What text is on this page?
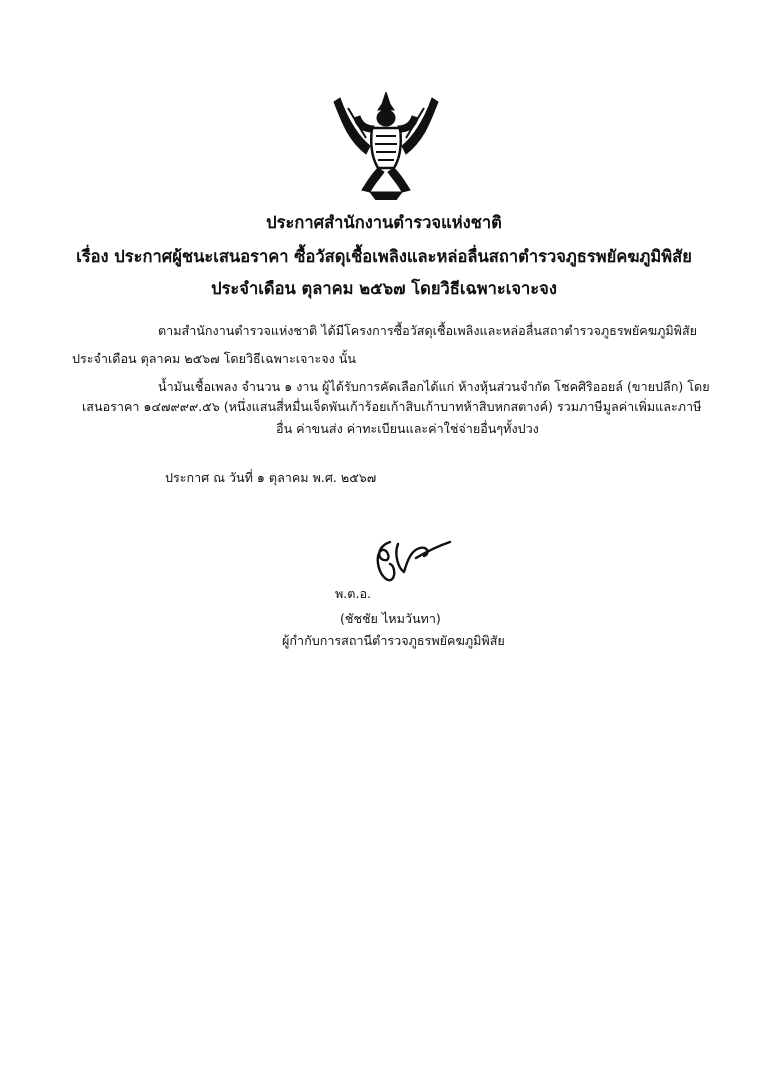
ประกาศสำนักงานตำรวจแห่งชาติ
เรื่อง ประกาศผู้ชนะเสนอราคา ซื้อวัสดุเชื้อเพลิงและหล่อลื่นสถาตำรวจภูธรพยัคฆภูมิพิสัย
ประจำเดือน ตุลาคม ๒๕๖๗ โดยวิธีเฉพาะเจาะจง
ตามสำนักงานตำรวจแห่งชาติ ได้มีโครงการซื้อวัสดุเชื้อเพลิงและหล่อลื่นสถาตำรวจภูธรพยัคฆภูมิพิสัย
ประจำเดือน ตุลาคม ๒๕๖๗ โดยวิธีเฉพาะเจาะจง นั้น
น้ำมันเชื้อเพลง จำนวน ๑ งาน ผู้ได้รับการคัดเลือกได้แก่ ห้างหุ้นส่วนจำกัด โชคศิริออยล์ (ขายปลีก) โดย
เสนอราคา ๑๔๗๙๙๙.๕๖ (หนึ่งแสนสี่หมื่นเจ็ดพันเก้าร้อยเก้าสิบเก้าบาทห้าสิบหกสตางค์) รวมภาษีมูลค่าเพิ่มและภาษี
อื่น ค่าขนส่ง ค่าทะเบียนและค่าใช่จ่ายอื่นๆทั้งปวง
ประกาศ ณ วันที่ ๑ ตุลาคม พ.ศ. ๒๕๖๗
พ.ต.อ.
(ชัชชัย ไหมวันทา)
ผู้กำกับการสถานีตำรวจภูธรพยัคฆภูมิพิสัย
